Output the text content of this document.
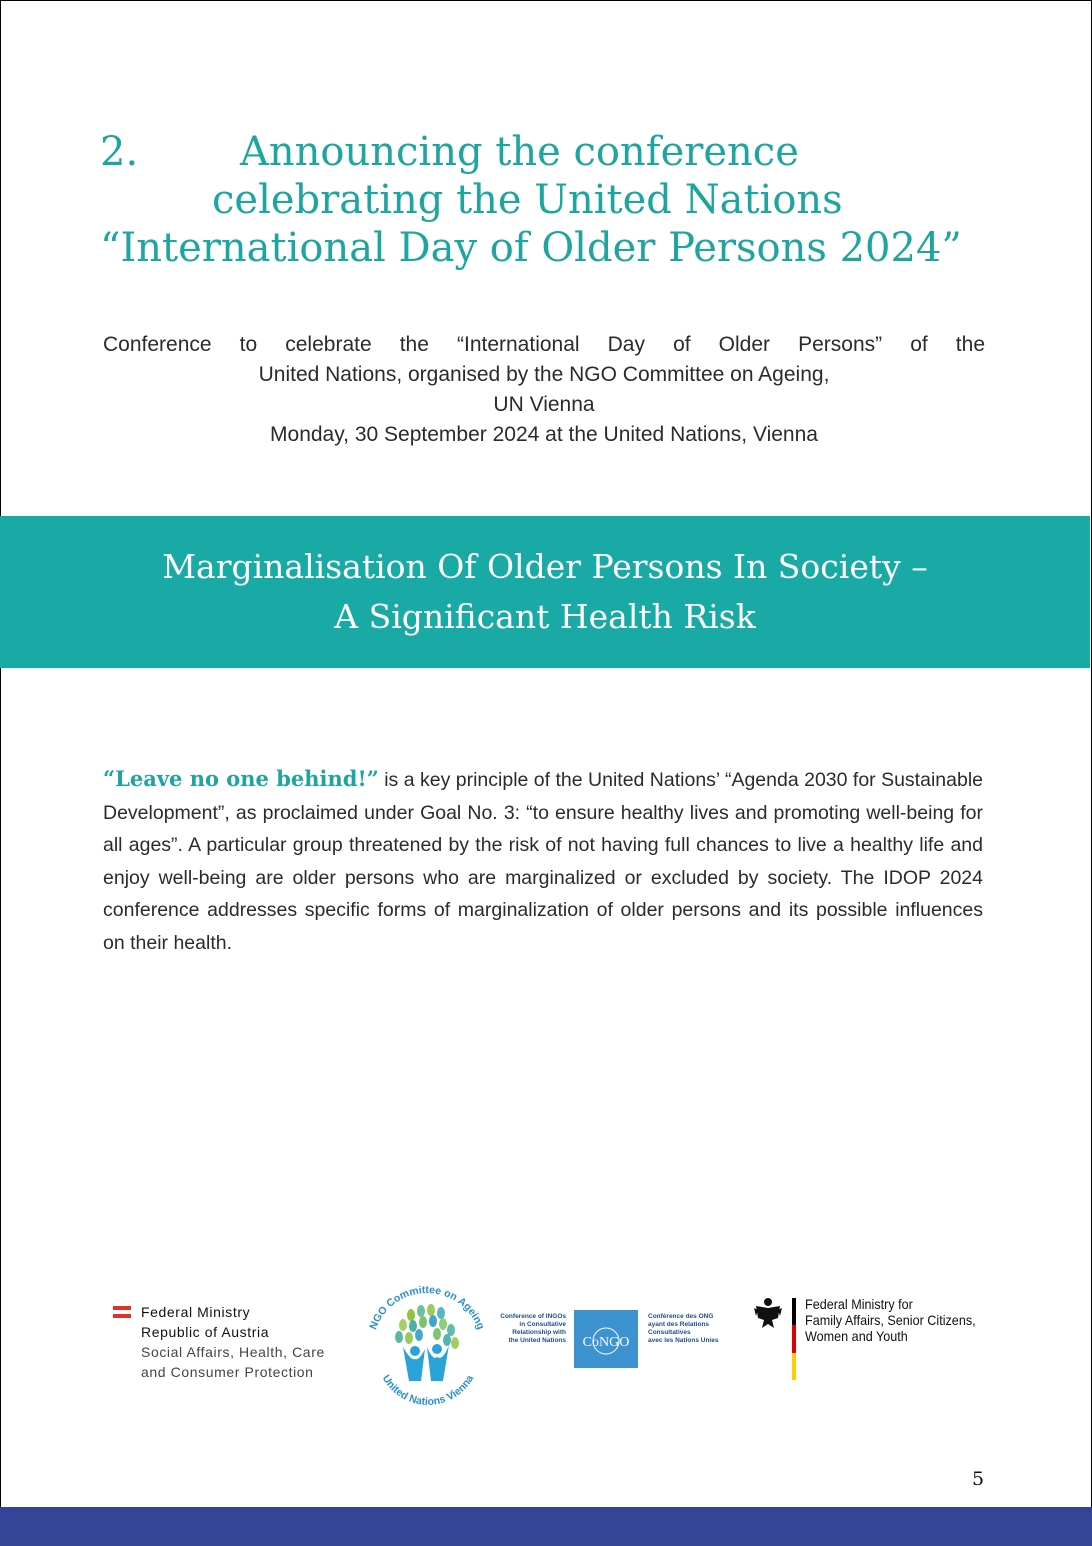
2.	Announcing the conference
celebrating the United Nations
“International Day of Older Persons 2024”
Conference to celebrate the “International Day of Older Persons” of the
United Nations, organised by the NGO Committee on Ageing,
UN Vienna
Monday, 30 September 2024 at the United Nations, Vienna
Marginalisation Of Older Persons In Society –
A Significant Health Risk
“Leave no one behind!” is a key principle of the United Nations’ “Agenda 2030 for Sustainable Development”, as proclaimed under Goal No. 3: “to ensure healthy lives and promoting well-being for all ages”. A particular group threatened by the risk of not having full chances to live a healthy life and enjoy well-being are older persons who are marginalized or excluded by society. The IDOP 2024 conference addresses specific forms of marginalization of older persons and its possible influences on their health.
Federal Ministry
Republic of Austria
Social Affairs, Health, Care
and Consumer Protection
NGO Committee on Ageing
United Nations Vienna
Conference of INGOs
in Consultative
Relationship with
the United Nations CoNGO
Conférence des ONG
ayant des Relations
Consultatives
avec les Nations Unies
Federal Ministry for
Family Affairs, Senior Citizens,
Women and Youth
5
